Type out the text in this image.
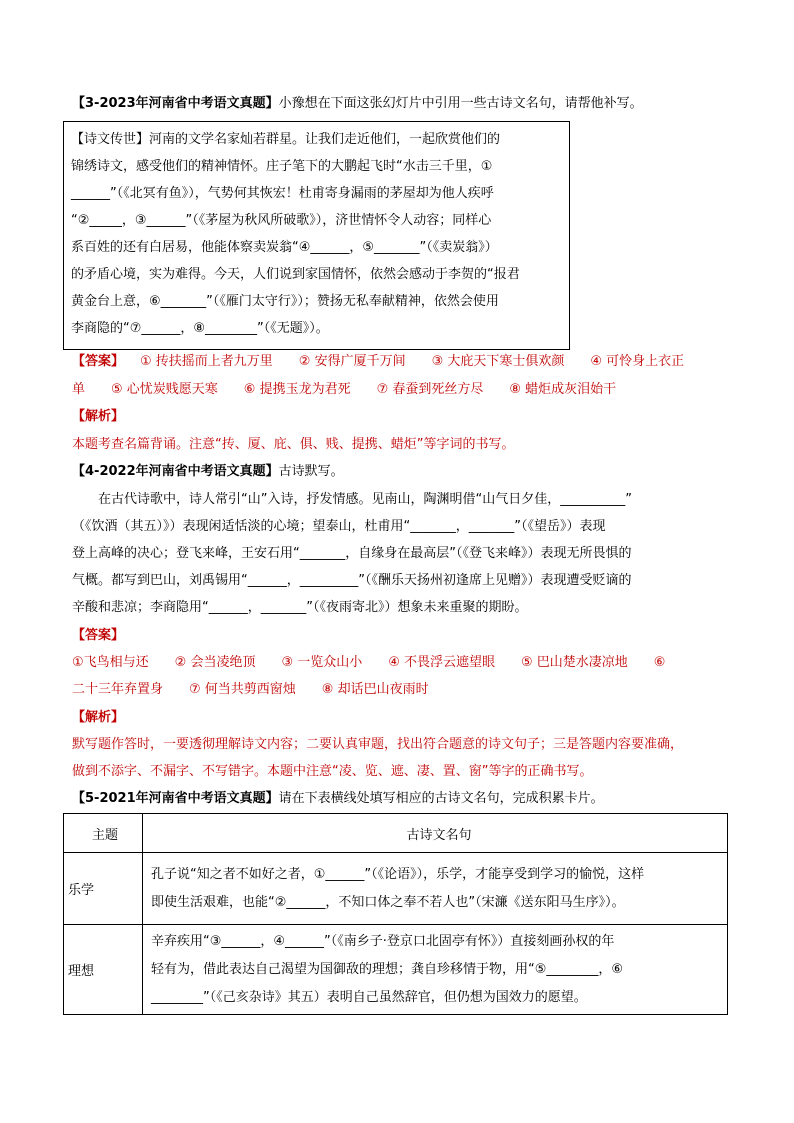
【3-2023年河南省中考语文真题】小豫想在下面这张幻灯片中引用一些古诗文名句，请帮他补写。
【诗文传世】河南的文学名家灿若群星。让我们走近他们，一起欣赏他们的
锦绣诗文，感受他们的精神情怀。庄子笔下的大鹏起飞时“水击三千里，①
______”（《北冥有鱼》），气势何其恢宏！杜甫寄身漏雨的茅屋却为他人疾呼
“②_____，③______”（《茅屋为秋风所破歌》），济世情怀令人动容；同样心
系百姓的还有白居易，他能体察卖炭翁“④______，⑤_______”（《卖炭翁》）
的矛盾心境，实为难得。今天，人们说到家国情怀，依然会感动于李贺的“报君
黄金台上意，⑥_______”（《雁门太守行》）；赞扬无私奉献精神，依然会使用
李商隐的“⑦______，⑧________”（《无题》）。
【答案】 ① 抟扶摇而上者九万里　　② 安得广厦千万间　　③ 大庇天下寒士俱欢颜　　④ 可怜身上衣正
单　　⑤ 心忧炭贱愿天寒　　⑥ 提携玉龙为君死　　⑦ 春蚕到死丝方尽　　⑧ 蜡炬成灰泪始干
【解析】
本题考查名篇背诵。注意“抟、厦、庇、俱、贱、提携、蜡炬”等字词的书写。
【4-2022年河南省中考语文真题】古诗默写。
　　在古代诗歌中，诗人常引“山”入诗，抒发情感。见南山，陶渊明借“山气日夕佳，__________”
（《饮酒（其五）》）表现闲适恬淡的心境；望泰山，杜甫用“_______，_______”（《望岳》）表现
登上高峰的决心；登飞来峰，王安石用“_______，自缘身在最高层”（《登飞来峰》）表现无所畏惧的
气概。都写到巴山，刘禹锡用“______，_________”（《酬乐天扬州初逢席上见赠》）表现遭受贬谪的
辛酸和悲凉；李商隐用“______，_______”（《夜雨寄北》）想象未来重聚的期盼。
【答案】
①飞鸟相与还　　② 会当凌绝顶　　③ 一览众山小　　④ 不畏浮云遮望眼　　⑤ 巴山楚水凄凉地　　⑥
二十三年弃置身　　⑦ 何当共剪西窗烛　　⑧ 却话巴山夜雨时
【解析】
默写题作答时，一要透彻理解诗文内容；二要认真审题，找出符合题意的诗文句子；三是答题内容要准确，
做到不添字、不漏字、不写错字。本题中注意“凌、览、遮、凄、置、窗”等字的正确书写。
【5-2021年河南省中考语文真题】请在下表横线处填写相应的古诗文名句，完成积累卡片。
主题	古诗文名句
乐学	孔子说“知之者不如好之者，①______”（《论语》），乐学，才能享受到学习的愉悦，这样
即使生活艰难，也能“②______，不知口体之奉不若人也”（宋濂《送东阳马生序》）。

理想	辛弃疾用“③______，④______”（《南乡子·登京口北固亭有怀》）直接刻画孙权的年
轻有为，借此表达自己渴望为国御敌的理想；龚自珍移情于物，用“⑤________，⑥
________”（《己亥杂诗》其五）表明自己虽然辞官，但仍想为国效力的愿望。
